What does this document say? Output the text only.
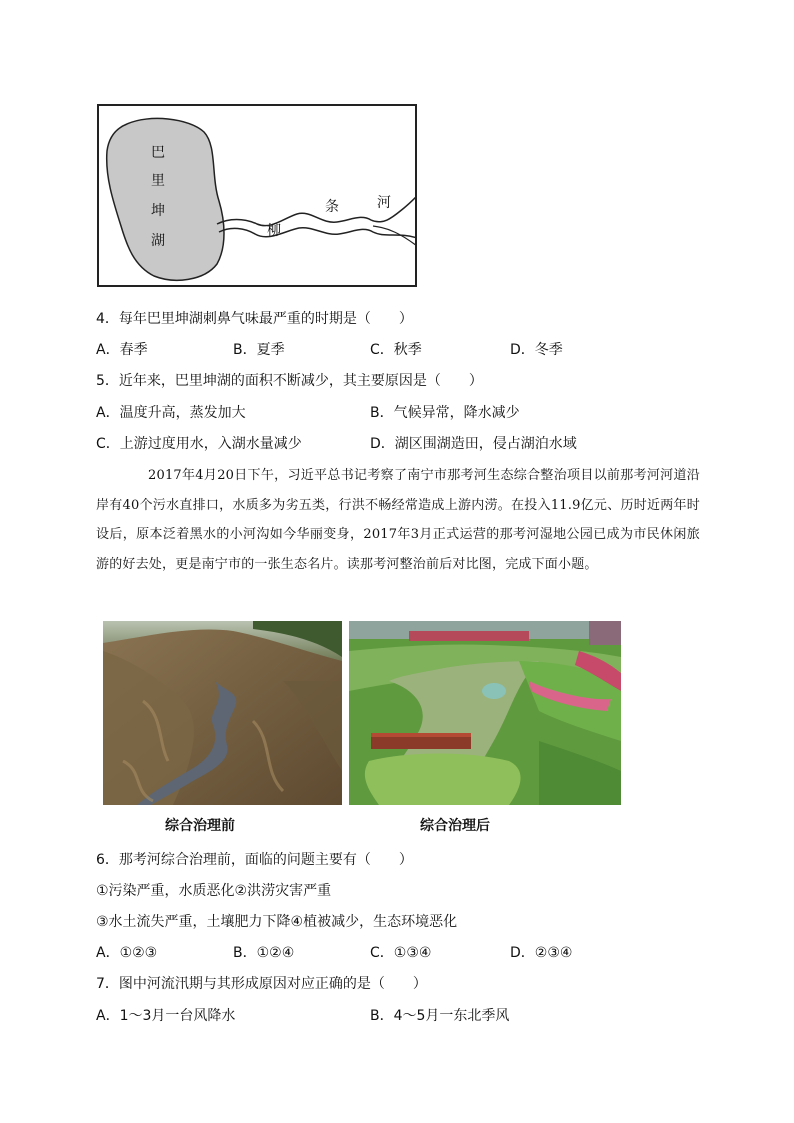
巴
里
坤
湖
柳
条	河
4．每年巴里坤湖刺鼻气味最严重的时期是（　　）
A．春季	B．夏季	C．秋季	D．冬季
5．近年来，巴里坤湖的面积不断减少，其主要原因是（　　）
A．温度升高，蒸发加大	B．气候异常，降水减少
C．上游过度用水，入湖水量减少	D．湖区围湖造田，侵占湖泊水域
2017年4月20日下午，习近平总书记考察了南宁市那考河生态综合整治项目以前那考河河道沿岸有40个污水直排口，水质多为劣五类，行洪不畅经常造成上游内涝。在投入11.9亿元、历时近两年时设后，原本泛着黑水的小河沟如今华丽变身，2017年3月正式运营的那考河湿地公园已成为市民休闲旅游的好去处，更是南宁市的一张生态名片。读那考河整治前后对比图，完成下面小题。
综合治理前	综合治理后
6．那考河综合治理前，面临的问题主要有（　　）
①污染严重，水质恶化②洪涝灾害严重
③水土流失严重，土壤肥力下降④植被减少，生态环境恶化
A．①②③	B．①②④	C．①③④	D．②③④
7．图中河流汛期与其形成原因对应正确的是（　　）
A．1～3月一台风降水	B．4～5月一东北季风
